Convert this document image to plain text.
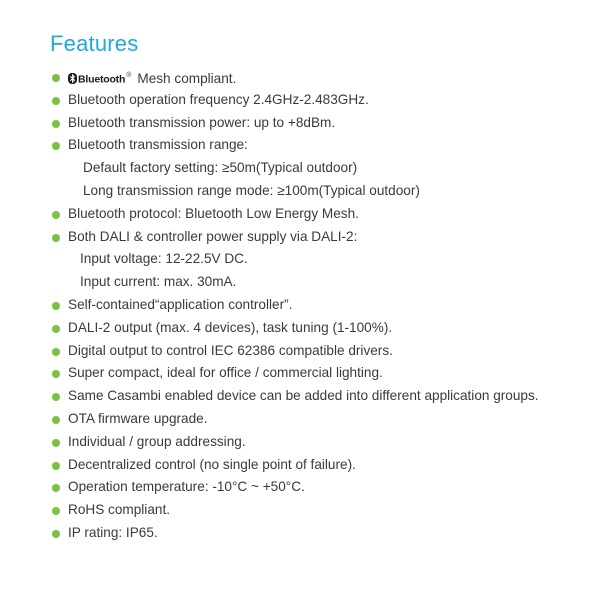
Features
Bluetooth® Mesh compliant.
Bluetooth operation frequency 2.4GHz-2.483GHz.
Bluetooth transmission power: up to +8dBm.
Bluetooth transmission range:
Default factory setting: ≥50m(Typical outdoor)
Long transmission range mode: ≥100m(Typical outdoor)
Bluetooth protocol: Bluetooth Low Energy Mesh.
Both DALI & controller power supply via DALI-2:
Input voltage: 12-22.5V DC.
Input current: max. 30mA.
Self-contained“application controller”.
DALI-2 output (max. 4 devices), task tuning (1-100%).
Digital output to control IEC 62386 compatible drivers.
Super compact, ideal for office / commercial lighting.
Same Casambi enabled device can be added into different application groups.
OTA firmware upgrade.
Individual / group addressing.
Decentralized control (no single point of failure).
Operation temperature: -10°C ~ +50°C.
RoHS compliant.
IP rating: IP65.
